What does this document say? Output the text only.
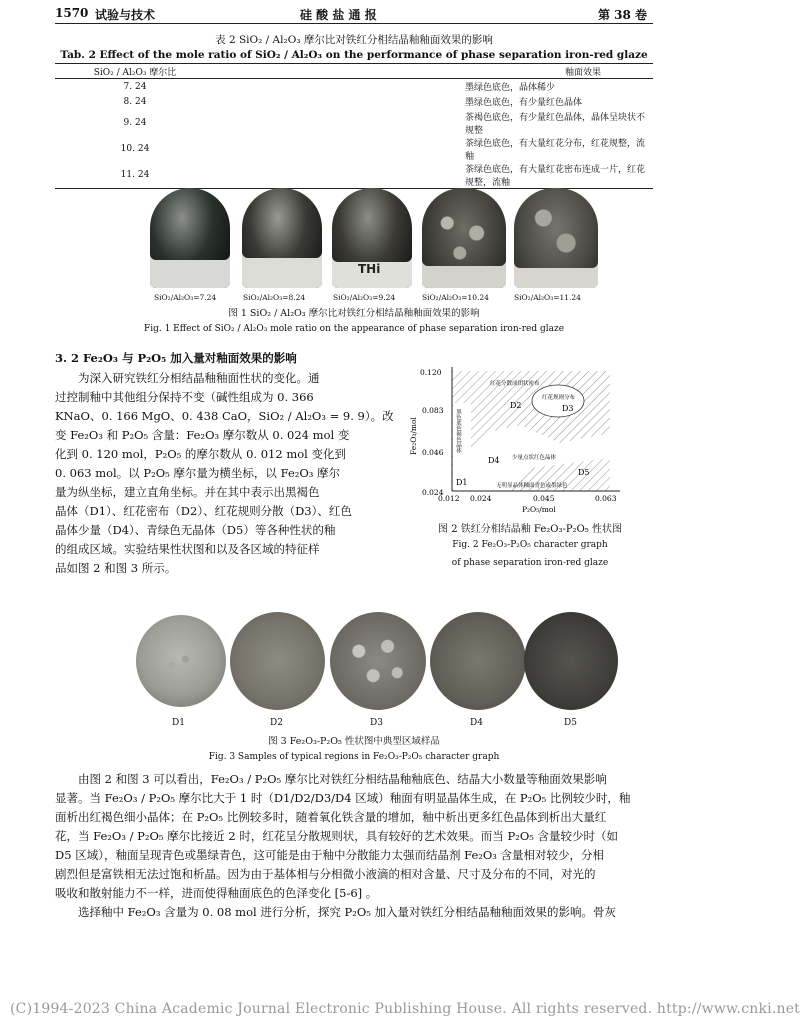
1570 试验与技术	硅 酸 盐 通 报	第 38 卷
表 2 SiO₂ / Al₂O₃ 摩尔比对铁红分相结晶釉釉面效果的影响
Tab. 2 Effect of the mole ratio of SiO₂ / Al₂O₃ on the performance of phase separation iron-red glaze
SiO₂ / Al₂O₃ 摩尔比	釉面效果
7. 24	墨绿色底色，晶体稀少
8. 24	墨绿色底色，有少量红色晶体
9. 24	茶褐色底色，有少量红色晶体，晶体呈块状不规整
10. 24	茶绿色底色，有大量红花分布，红花规整，流釉
11. 24	茶绿色底色，有大量红花密布连成一片，红花规整，流釉
THi
SiO₂/Al₂O₃=7.24	SiO₂/Al₂O₃=8.24	SiO₂/Al₂O₃=9.24	SiO₂/Al₂O₃=10.24	SiO₂/Al₂O₃=11.24
图 1 SiO₂ / Al₂O₃ 摩尔比对铁红分相结晶釉釉面效果的影响
Fig. 1 Effect of SiO₂ / Al₂O₃ mole ratio on the appearance of phase separation iron-red glaze
3. 2 Fe₂O₃ 与 P₂O₅ 加入量对釉面效果的影响
　　为深入研究铁红分相结晶釉釉面性状的变化。通
过控制釉中其他组分保持不变（碱性组成为 0. 366
KNaO、0. 166 MgO、0. 438 CaO，SiO₂ / Al₂O₃ = 9. 9）。改
变 Fe₂O₃ 和 P₂O₅ 含量：Fe₂O₃ 摩尔数从 0. 024 mol 变
化到 0. 120 mol，P₂O₅ 的摩尔数从 0. 012 mol 变化到
0. 063 mol。以 P₂O₅ 摩尔量为横坐标，以 Fe₂O₃ 摩尔
量为纵坐标，建立直角坐标。并在其中表示出黑褐色
晶体（D1）、红花密布（D2）、红花规则分散（D3）、红色
晶体少量（D4）、青绿色无晶体（D5）等各种性状的釉
的组成区域。实验结果性状图和以及各区域的特征样
品如图 2 和图 3 所示。
0.120
0.083
0.046
0.024
0.012 0.024	0.045	0.063
Fe₂O₃/mol
P₂O₅/mol
D1
D2	D3
D4
D5
红花分散成团状密布
红花规则分布
少量点状红色晶体
无明显晶体釉面青色或墨绿色
黑色底色褐色晶体
图 2 铁红分相结晶釉 Fe₂O₃-P₂O₅ 性状图
Fig. 2 Fe₂O₃-P₂O₅ character graph
of phase separation iron-red glaze
D1	D2	D3	D4	D5
图 3 Fe₂O₃-P₂O₅ 性状图中典型区域样品
Fig. 3 Samples of typical regions in Fe₂O₃-P₂O₅ character graph
　　由图 2 和图 3 可以看出，Fe₂O₃ / P₂O₅ 摩尔比对铁红分相结晶釉釉底色、结晶大小数量等釉面效果影响
显著。当 Fe₂O₃ / P₂O₅ 摩尔比大于 1 时（D1/D2/D3/D4 区域）釉面有明显晶体生成，在 P₂O₅ 比例较少时，釉
面析出红褐色细小晶体；在 P₂O₅ 比例较多时，随着氧化铁含量的增加，釉中析出更多红色晶体到析出大量红
花，当 Fe₂O₃ / P₂O₅ 摩尔比接近 2 时，红花呈分散规则状，具有较好的艺术效果。而当 P₂O₅ 含量较少时（如
D5 区域），釉面呈现青色或墨绿青色，这可能是由于釉中分散能力太强而结晶剂 Fe₂O₃ 含量相对较少，分相
剧烈但是富铁相无法过饱和析晶。因为由于基体相与分相微小液滴的相对含量、尺寸及分布的不同，对光的
吸收和散射能力不一样，进而使得釉面底色的色泽变化 [5-6] 。
　　选择釉中 Fe₂O₃ 含量为 0. 08 mol 进行分析，探究 P₂O₅ 加入量对铁红分相结晶釉釉面效果的影响。骨灰
(C)1994-2023 China Academic Journal Electronic Publishing House. All rights reserved. http://www.cnki.net
